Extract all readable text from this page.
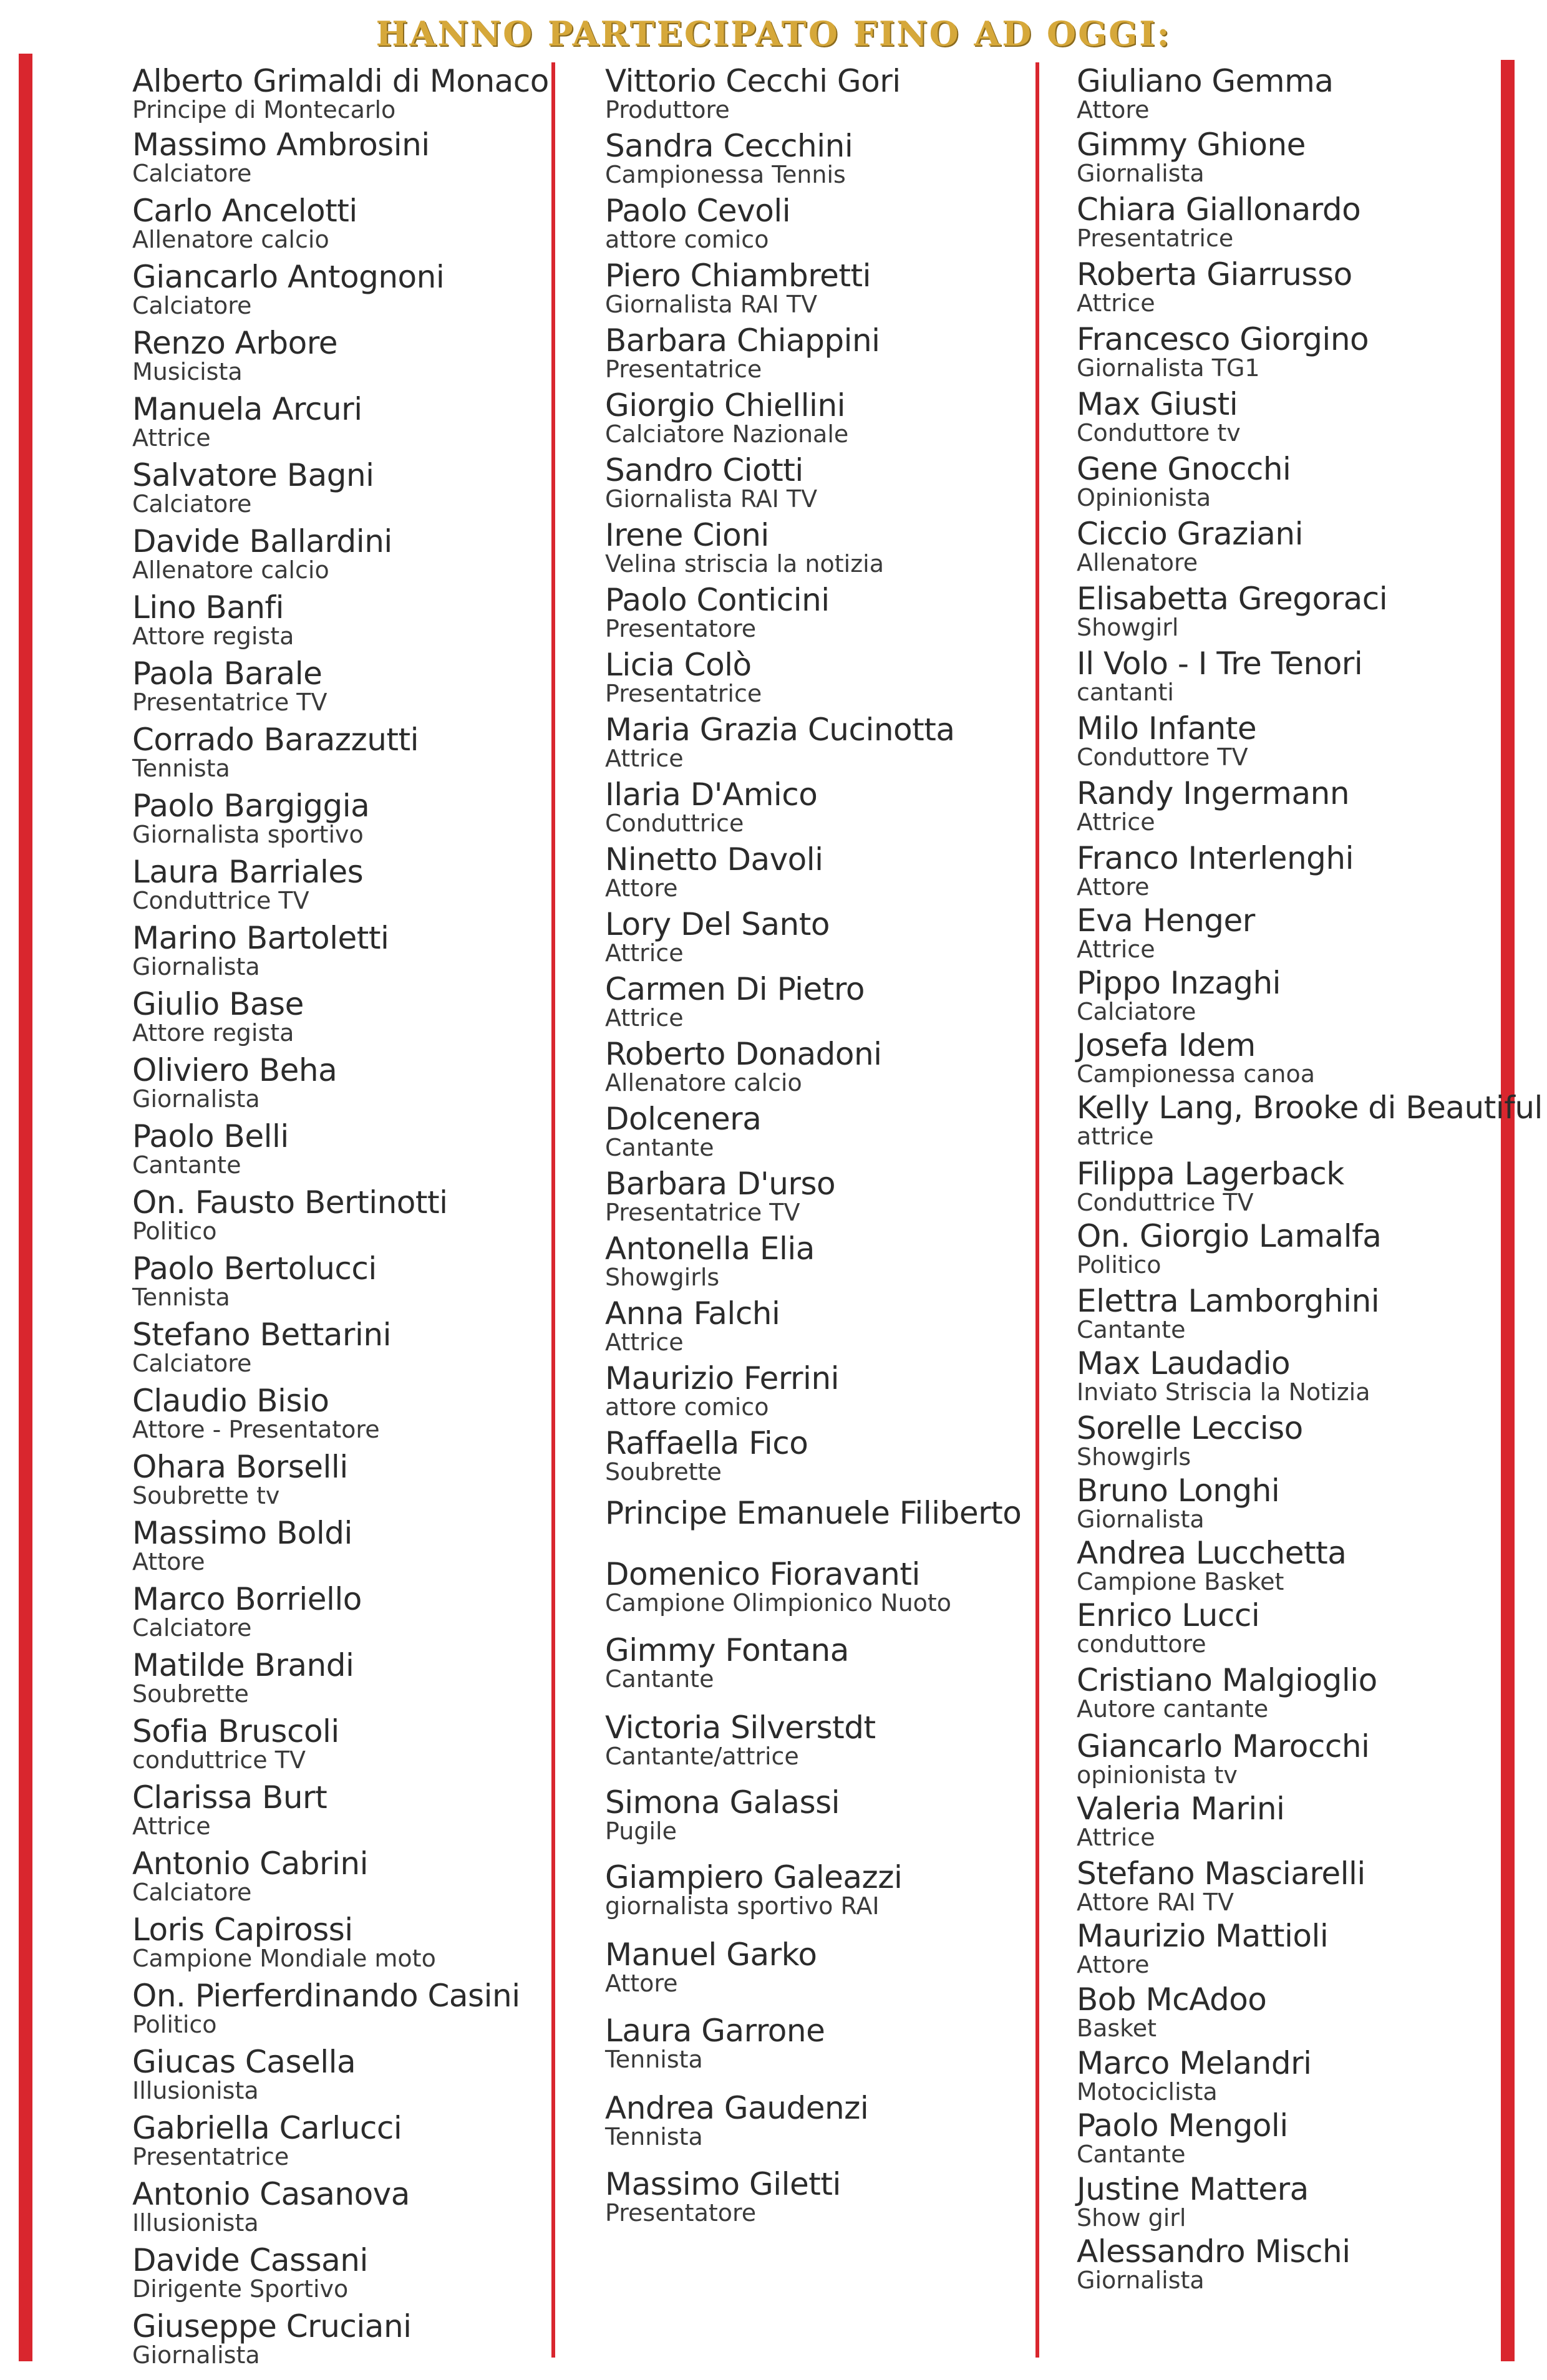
HANNO PARTECIPATO FINO AD OGGI:
Alberto Grimaldi di Monaco
Principe di Montecarlo
Massimo Ambrosini
Calciatore
Carlo Ancelotti
Allenatore calcio
Giancarlo Antognoni
Calciatore
Renzo Arbore
Musicista
Manuela Arcuri
Attrice
Salvatore Bagni
Calciatore
Davide Ballardini
Allenatore calcio
Lino Banfi
Attore regista
Paola Barale
Presentatrice TV
Corrado Barazzutti
Tennista
Paolo Bargiggia
Giornalista sportivo
Laura Barriales
Conduttrice TV
Marino Bartoletti
Giornalista
Giulio Base
Attore regista
Oliviero Beha
Giornalista
Paolo Belli
Cantante
On. Fausto Bertinotti
Politico
Paolo Bertolucci
Tennista
Stefano Bettarini
Calciatore
Claudio Bisio
Attore - Presentatore
Ohara Borselli
Soubrette tv
Massimo Boldi
Attore
Marco Borriello
Calciatore
Matilde Brandi
Soubrette
Sofia Bruscoli
conduttrice TV
Clarissa Burt
Attrice
Antonio Cabrini
Calciatore
Loris Capirossi
Campione Mondiale moto
On. Pierferdinando Casini
Politico
Giucas Casella
Illusionista
Gabriella Carlucci
Presentatrice
Antonio Casanova
Illusionista
Davide Cassani
Dirigente Sportivo
Giuseppe Cruciani
Giornalista
Vittorio Cecchi Gori
Produttore
Sandra Cecchini
Campionessa Tennis
Paolo Cevoli
attore comico
Piero Chiambretti
Giornalista RAI TV
Barbara Chiappini
Presentatrice
Giorgio Chiellini
Calciatore Nazionale
Sandro Ciotti
Giornalista RAI TV
Irene Cioni
Velina striscia la notizia
Paolo Conticini
Presentatore
Licia Colò
Presentatrice
Maria Grazia Cucinotta
Attrice
Ilaria D'Amico
Conduttrice
Ninetto Davoli
Attore
Lory Del Santo
Attrice
Carmen Di Pietro
Attrice
Roberto Donadoni
Allenatore calcio
Dolcenera
Cantante
Barbara D'urso
Presentatrice TV
Antonella Elia
Showgirls
Anna Falchi
Attrice
Maurizio Ferrini
attore comico
Raffaella Fico
Soubrette
Principe Emanuele Filiberto
Domenico Fioravanti
Campione Olimpionico Nuoto
Gimmy Fontana
Cantante
Victoria Silverstdt
Cantante/attrice
Simona Galassi
Pugile
Giampiero Galeazzi
giornalista sportivo RAI
Manuel Garko
Attore
Laura Garrone
Tennista
Andrea Gaudenzi
Tennista
Massimo Giletti
Presentatore
Giuliano Gemma
Attore
Gimmy Ghione
Giornalista
Chiara Giallonardo
Presentatrice
Roberta Giarrusso
Attrice
Francesco Giorgino
Giornalista TG1
Max Giusti
Conduttore tv
Gene Gnocchi
Opinionista
Ciccio Graziani
Allenatore
Elisabetta Gregoraci
Showgirl
Il Volo - I Tre Tenori
cantanti
Milo Infante
Conduttore TV
Randy Ingermann
Attrice
Franco Interlenghi
Attore
Eva Henger
Attrice
Pippo Inzaghi
Calciatore
Josefa Idem
Campionessa canoa
Kelly Lang, Brooke di Beautiful
attrice
Filippa Lagerback
Conduttrice TV
On. Giorgio Lamalfa
Politico
Elettra Lamborghini
Cantante
Max Laudadio
Inviato Striscia la Notizia
Sorelle Lecciso
Showgirls
Bruno Longhi
Giornalista
Andrea Lucchetta
Campione Basket
Enrico Lucci
conduttore
Cristiano Malgioglio
Autore cantante
Giancarlo Marocchi
opinionista tv
Valeria Marini
Attrice
Stefano Masciarelli
Attore RAI TV
Maurizio Mattioli
Attore
Bob McAdoo
Basket
Marco Melandri
Motociclista
Paolo Mengoli
Cantante
Justine Mattera
Show girl
Alessandro Mischi
Giornalista
